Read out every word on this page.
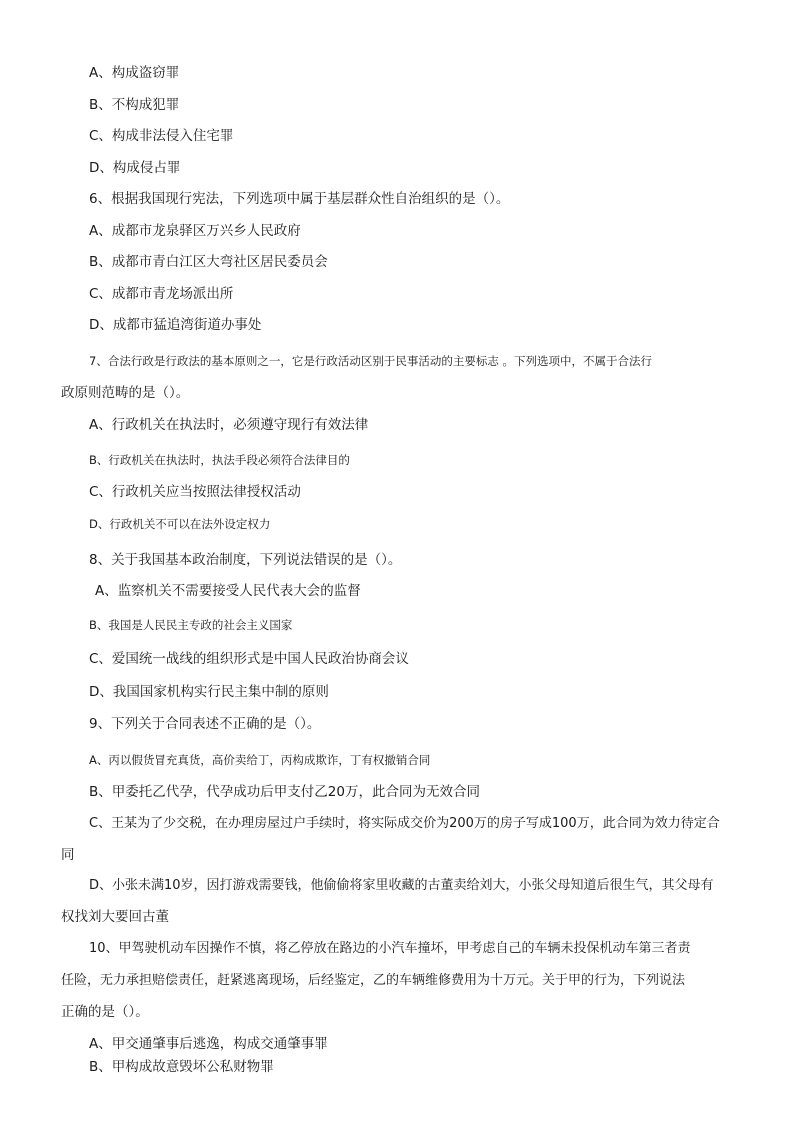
A、构成盗窃罪
B、不构成犯罪
C、构成非法侵入住宅罪
D、构成侵占罪
6、根据我国现行宪法，下列选项中属于基层群众性自治组织的是（）。
A、成都市龙泉驿区万兴乡人民政府
B、成都市青白江区大弯社区居民委员会
C、成都市青龙场派出所
D、成都市猛追湾街道办事处
7、合法行政是行政法的基本原则之一，它是行政活动区别于民事活动的主要标志 。下列选项中，不属于合法行
政原则范畴的是（）。
A、行政机关在执法时，必须遵守现行有效法律
B、行政机关在执法时，执法手段必须符合法律目的
C、行政机关应当按照法律授权活动
D、行政机关不可以在法外设定权力
8、关于我国基本政治制度，下列说法错误的是（）。
A、监察机关不需要接受人民代表大会的监督
B、我国是人民民主专政的社会主义国家
C、爱国统一战线的组织形式是中国人民政治协商会议
D、我国国家机构实行民主集中制的原则
9、下列关于合同表述不正确的是（）。
A、丙以假货冒充真货，高价卖给丁，丙构成欺诈，丁有权撤销合同
B、甲委托乙代孕，代孕成功后甲支付乙20万，此合同为无效合同
C、王某为了少交税，在办理房屋过户手续时，将实际成交价为200万的房子写成100万，此合同为效力待定合
同
D、小张未满10岁，因打游戏需要钱，他偷偷将家里收藏的古董卖给刘大，小张父母知道后很生气，其父母有
权找刘大要回古董
10、甲驾驶机动车因操作不慎，将乙停放在路边的小汽车撞坏，甲考虑自己的车辆未投保机动车第三者责
任险，无力承担赔偿责任，赶紧逃离现场，后经鉴定，乙的车辆维修费用为十万元。关于甲的行为，下列说法
正确的是（）。
A、甲交通肇事后逃逸，构成交通肇事罪
B、甲构成故意毁坏公私财物罪
